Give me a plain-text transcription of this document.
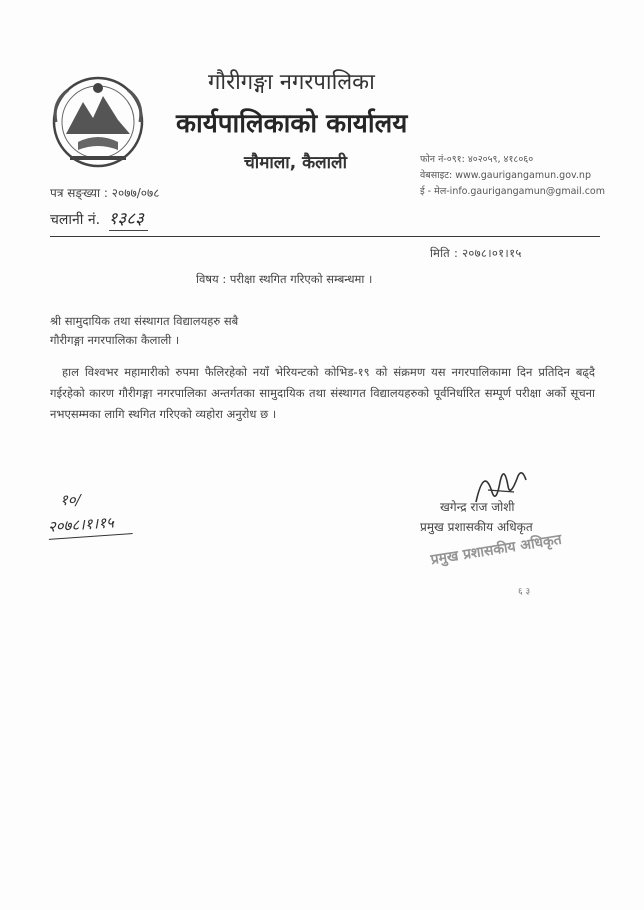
गौरीगङ्गा नगरपालिका
कार्यपालिकाको कार्यालय
चौमाला, कैलाली	फोन नं-०९१: ४०२०५९, ४१८०६०
वेबसाइट: www.gaurigangamun.gov.np
ई - मेल-info.gaurigangamun@gmail.com
पत्र सङ्ख्या : २०७७/०७८
चलानी नं. १३८३
मिति : २०७८।०१।१५
विषय : परीक्षा स्थगित गरिएको सम्बन्धमा ।
श्री सामुदायिक तथा संस्थागत विद्यालयहरु सबै
गौरीगङ्गा नगरपालिका कैलाली ।

हाल विश्वभर महामारीको रुपमा फैलिरहेको नयाँ भेरियन्टको कोभिड-१९ को संक्रमण यस नगरपालिकामा दिन प्रतिदिन बढ्दै गईरहेको कारण गौरीगङ्गा नगरपालिका अन्तर्गतका सामुदायिक तथा संस्थागत विद्यालयहरुको पूर्वनिर्धारित सम्पूर्ण परीक्षा अर्को सूचना नभएसम्मका लागि स्थगित गरिएको व्यहोरा अनुरोध छ ।

१०/
२०७८।१।१५
खगेन्द्र राज जोशी
प्रमुख प्रशासकीय अधिकृत
प्रमुख प्रशासकीय अधिकृत
६ ३
